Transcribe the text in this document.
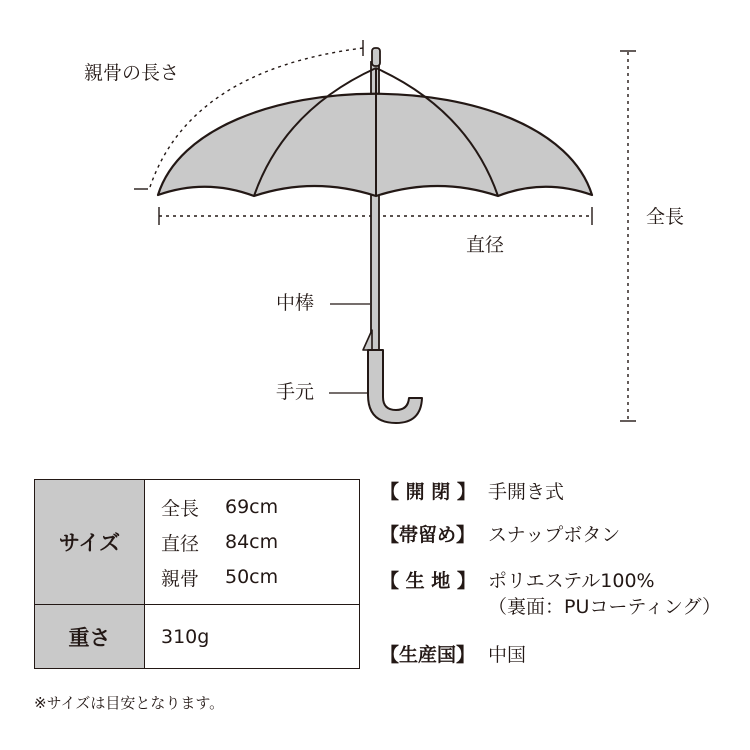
親骨の長さ
全長
直径
中棒
手元
サイズ
全長	69cm
直径	84cm
親骨	50cm
重さ	310g
【 開 閉 】 手開き式
【帯留め】 スナップボタン
【 生 地 】 ポリエステル100%
（裏面：PUコーティング）
【生産国】 中国
※サイズは目安となります。
